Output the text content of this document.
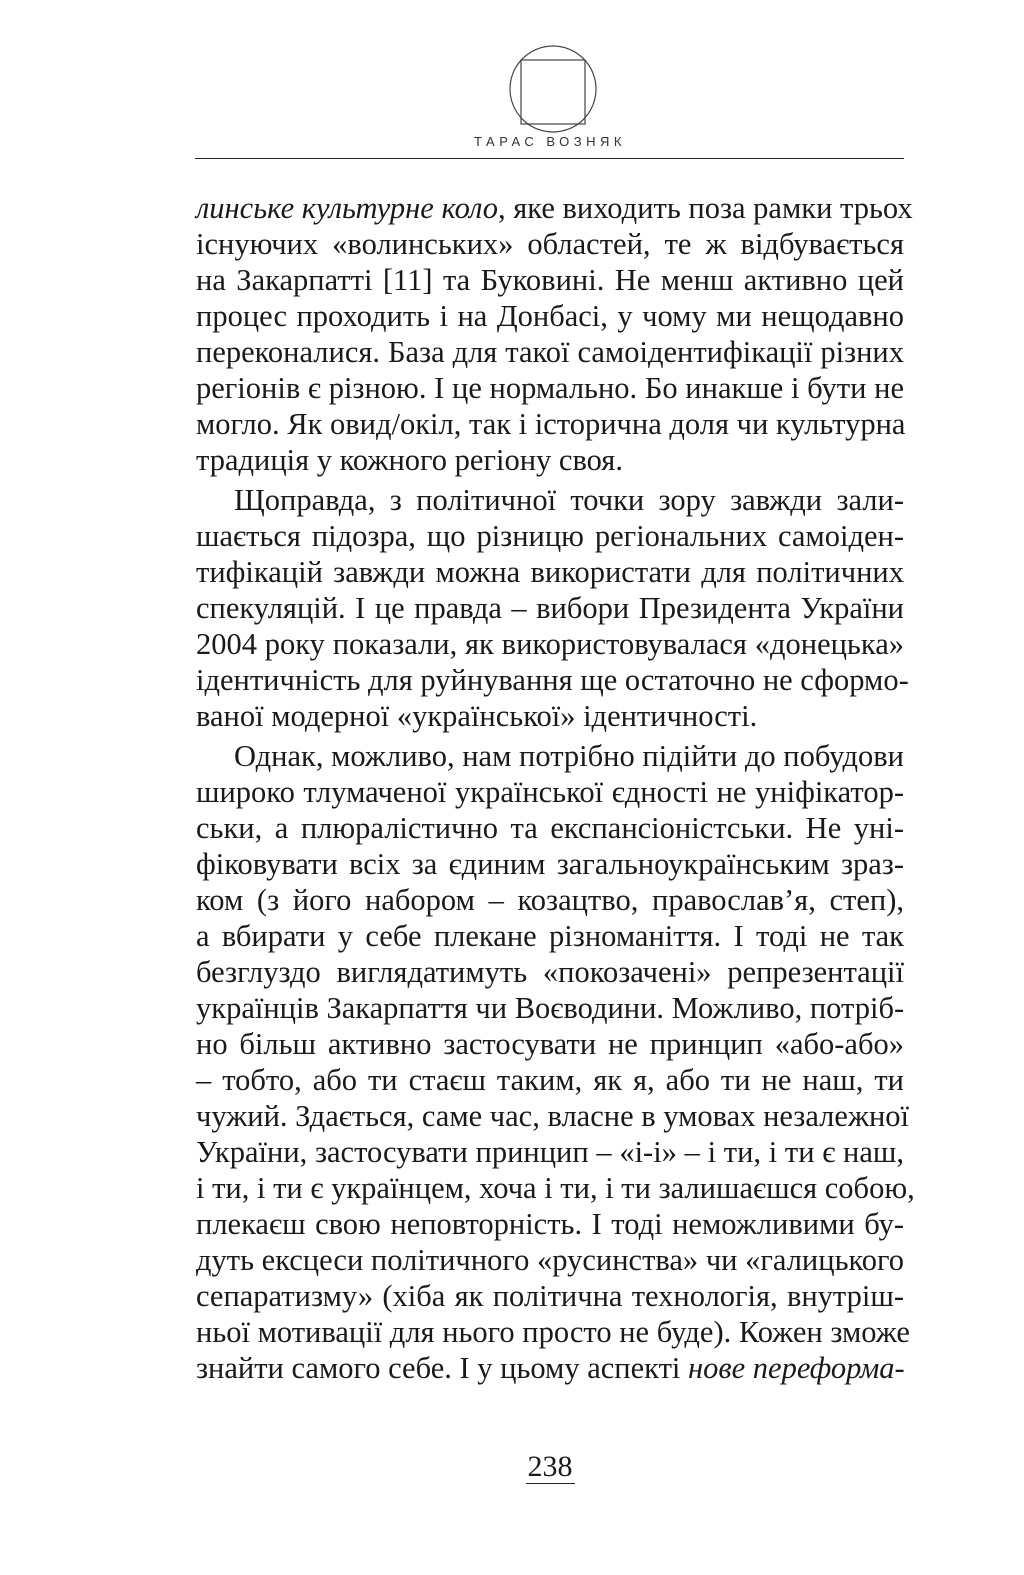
ТАРАС ВОЗНЯК
линське культурне коло, яке виходить поза рамки трьох
існуючих «волинських» областей, те ж відбувається
на Закарпатті [11] та Буковині. Не менш активно цей
процес проходить і на Донбасі, у чому ми нещодавно
переконалися. База для такої самоідентифікації різних
регіонів є різною. І це нормально. Бо инакше і бути не
могло. Як овид/окіл, так і історична доля чи культурна
традиція у кожного регіону своя.
Щоправда, з політичної точки зору завжди зали-
шається підозра, що різницю регіональних самоіден-
тифікацій завжди можна використати для політичних
спекуляцій. І це правда – вибори Президента України
2004 року показали, як використовувалася «донецька»
ідентичність для руйнування ще остаточно не сформо-
ваної модерної «української» ідентичності.
Однак, можливо, нам потрібно підійти до побудови
широко тлумаченої української єдності не уніфікатор-
ськи, а плюралістично та експансіоністськи. Не уні-
фіковувати всіх за єдиним загальноукраїнським зраз-
ком (з його набором – козацтво, православ’я, степ),
а вбирати у себе плекане різноманіття. І тоді не так
безглуздо виглядатимуть «покозачені» репрезентації
українців Закарпаття чи Воєводини. Можливо, потріб-
но більш активно застосувати не принцип «або-або»
– тобто, або ти стаєш таким, як я, або ти не наш, ти
чужий. Здається, саме час, власне в умовах незалежної
України, застосувати принцип – «і-і» – і ти, і ти є наш,
і ти, і ти є українцем, хоча і ти, і ти залишаєшся собою,
плекаєш свою неповторність. І тоді неможливими бу-
дуть ексцеси політичного «русинства» чи «галицького
сепаратизму» (хіба як політична технологія, внутріш-
ньої мотивації для нього просто не буде). Кожен зможе
знайти самого себе. І у цьому аспекті нове переформа-
238
